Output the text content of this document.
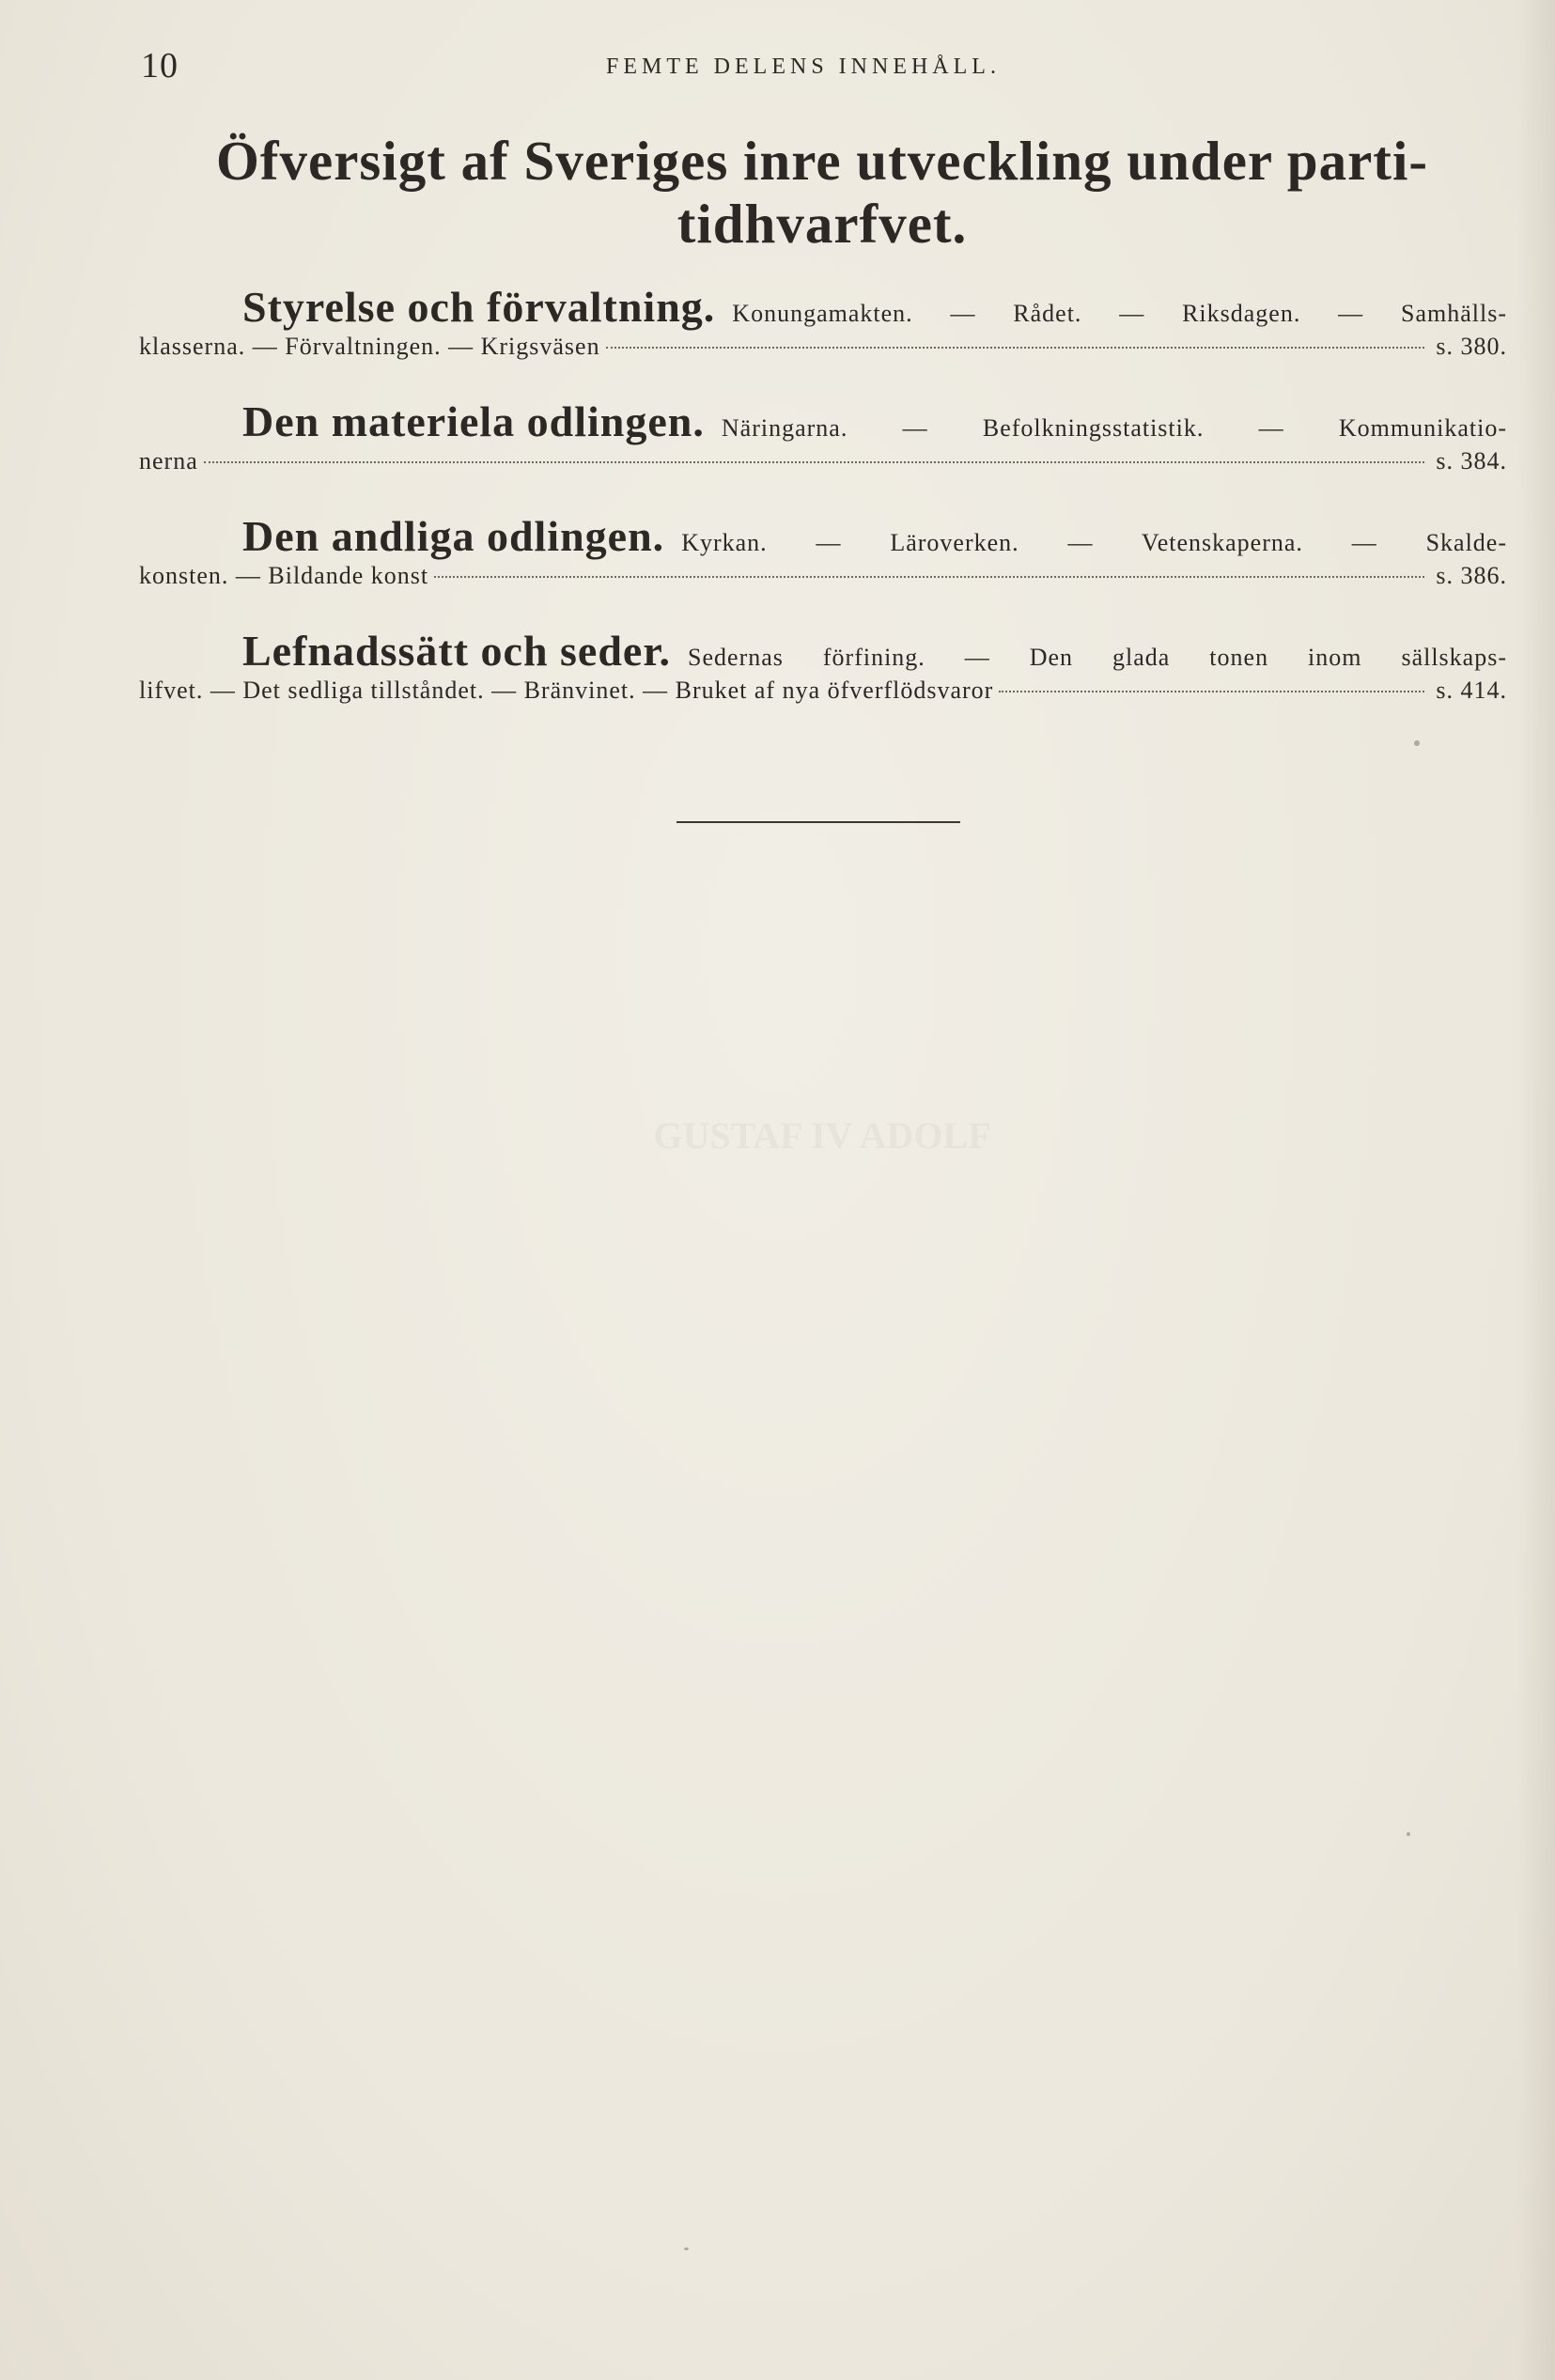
GUSTAF IV ADOLF
10	FEMTE DELENS INNEHÅLL.
Öfversigt af Sveriges inre utveckling under parti-
tidhvarfvet.
Styrelse och förvaltning. Konungamakten. — Rådet. — Riksdagen. — Samhälls-
klasserna. — Förvaltningen. — Krigsväsen	s. 380.
Den materiela odlingen. Näringarna. — Befolkningsstatistik. — Kommunikatio-
nerna	s. 384.
Den andliga odlingen. Kyrkan. — Läroverken. — Vetenskaperna. — Skalde-
konsten. — Bildande konst	s. 386.
Lefnadssätt och seder. Sedernas förfining. — Den glada tonen inom sällskaps-
lifvet. — Det sedliga tillståndet. — Bränvinet. — Bruket af nya öfverflödsvaror	s. 414.
